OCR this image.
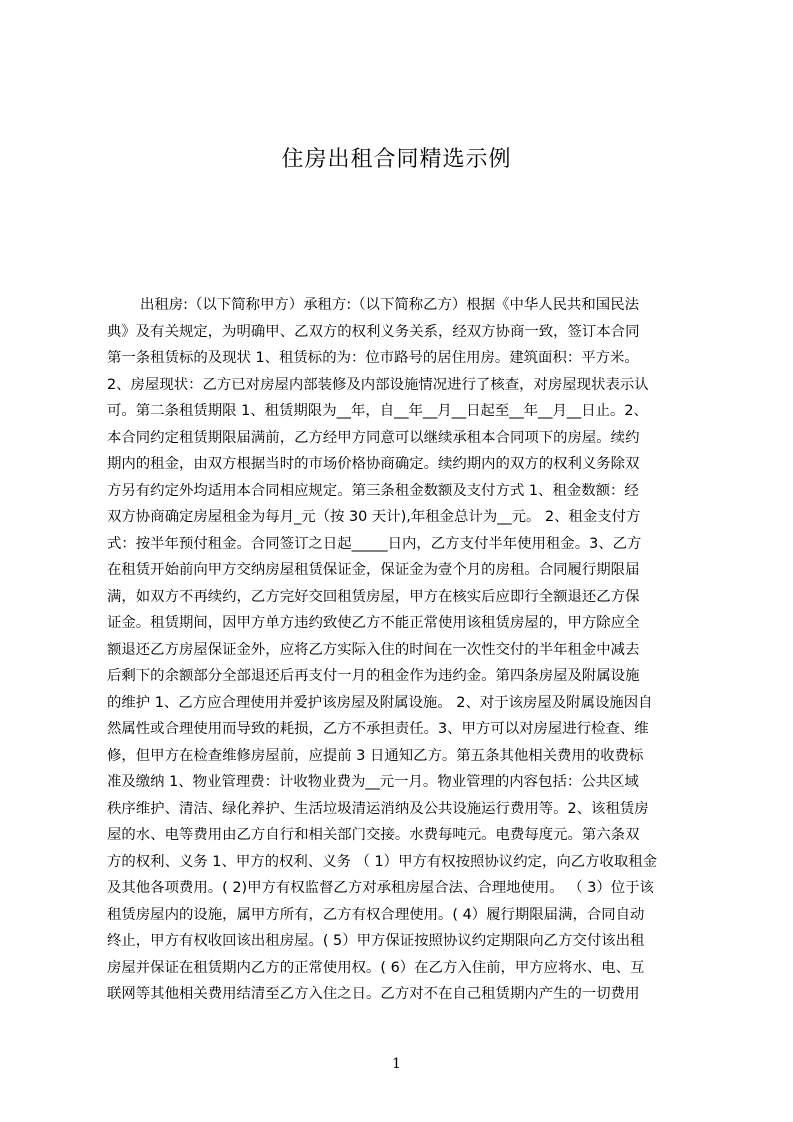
住房出租合同精选示例
出租房:（以下简称甲方）承租方:（以下简称乙方）根据《中华人民共和国民法
典》及有关规定，为明确甲、乙双方的权利义务关系，经双方协商一致，签订本合同
第一条租赁标的及现状 1、租赁标的为：位市路号的居住用房。建筑面积：平方米。
2、房屋现状：乙方已对房屋内部装修及内部设施情况进行了核查，对房屋现状表示认
可。第二条租赁期限 1、租赁期限为__年，自__年__月__日起至__年__月__日止。2、
本合同约定租赁期限届满前，乙方经甲方同意可以继续承租本合同项下的房屋。续约
期内的租金，由双方根据当时的市场价格协商确定。续约期内的双方的权利义务除双
方另有约定外均适用本合同相应规定。第三条租金数额及支付方式 1、租金数额：经
双方协商确定房屋租金为每月_元（按 30 天计),年租金总计为__元。 2、租金支付方
式：按半年预付租金。合同签订之日起_____日内，乙方支付半年使用租金。3、乙方
在租赁开始前向甲方交纳房屋租赁保证金，保证金为壹个月的房租。合同履行期限届
满，如双方不再续约，乙方完好交回租赁房屋，甲方在核实后应即行全额退还乙方保
证金。租赁期间，因甲方单方违约致使乙方不能正常使用该租赁房屋的，甲方除应全
额退还乙方房屋保证金外，应将乙方实际入住的时间在一次性交付的半年租金中减去
后剩下的余额部分全部退还后再支付一月的租金作为违约金。第四条房屋及附属设施
的维护 1、乙方应合理使用并爱护该房屋及附属设施。 2、对于该房屋及附属设施因自
然属性或合理使用而导致的耗损，乙方不承担责任。3、甲方可以对房屋进行检查、维
修，但甲方在检查维修房屋前，应提前 3 日通知乙方。第五条其他相关费用的收费标
准及缴纳 1、物业管理费：计收物业费为__元一月。物业管理的内容包括：公共区域
秩序维护、清洁、绿化养护、生活垃圾清运消纳及公共设施运行费用等。2、该租赁房
屋的水、电等费用由乙方自行和相关部门交接。水费每吨元。电费每度元。第六条双
方的权利、义务 1、甲方的权利、义务 （ 1）甲方有权按照协议约定，向乙方收取租金
及其他各项费用。( 2)甲方有权监督乙方对承租房屋合法、合理地使用。 （ 3）位于该
租赁房屋内的设施，属甲方所有，乙方有权合理使用。( 4）履行期限届满，合同自动
终止，甲方有权收回该出租房屋。( 5）甲方保证按照协议约定期限向乙方交付该出租
房屋并保证在租赁期内乙方的正常使用权。( 6）在乙方入住前，甲方应将水、电、互
联网等其他相关费用结清至乙方入住之日。乙方对不在自己租赁期内产生的一切费用
1
